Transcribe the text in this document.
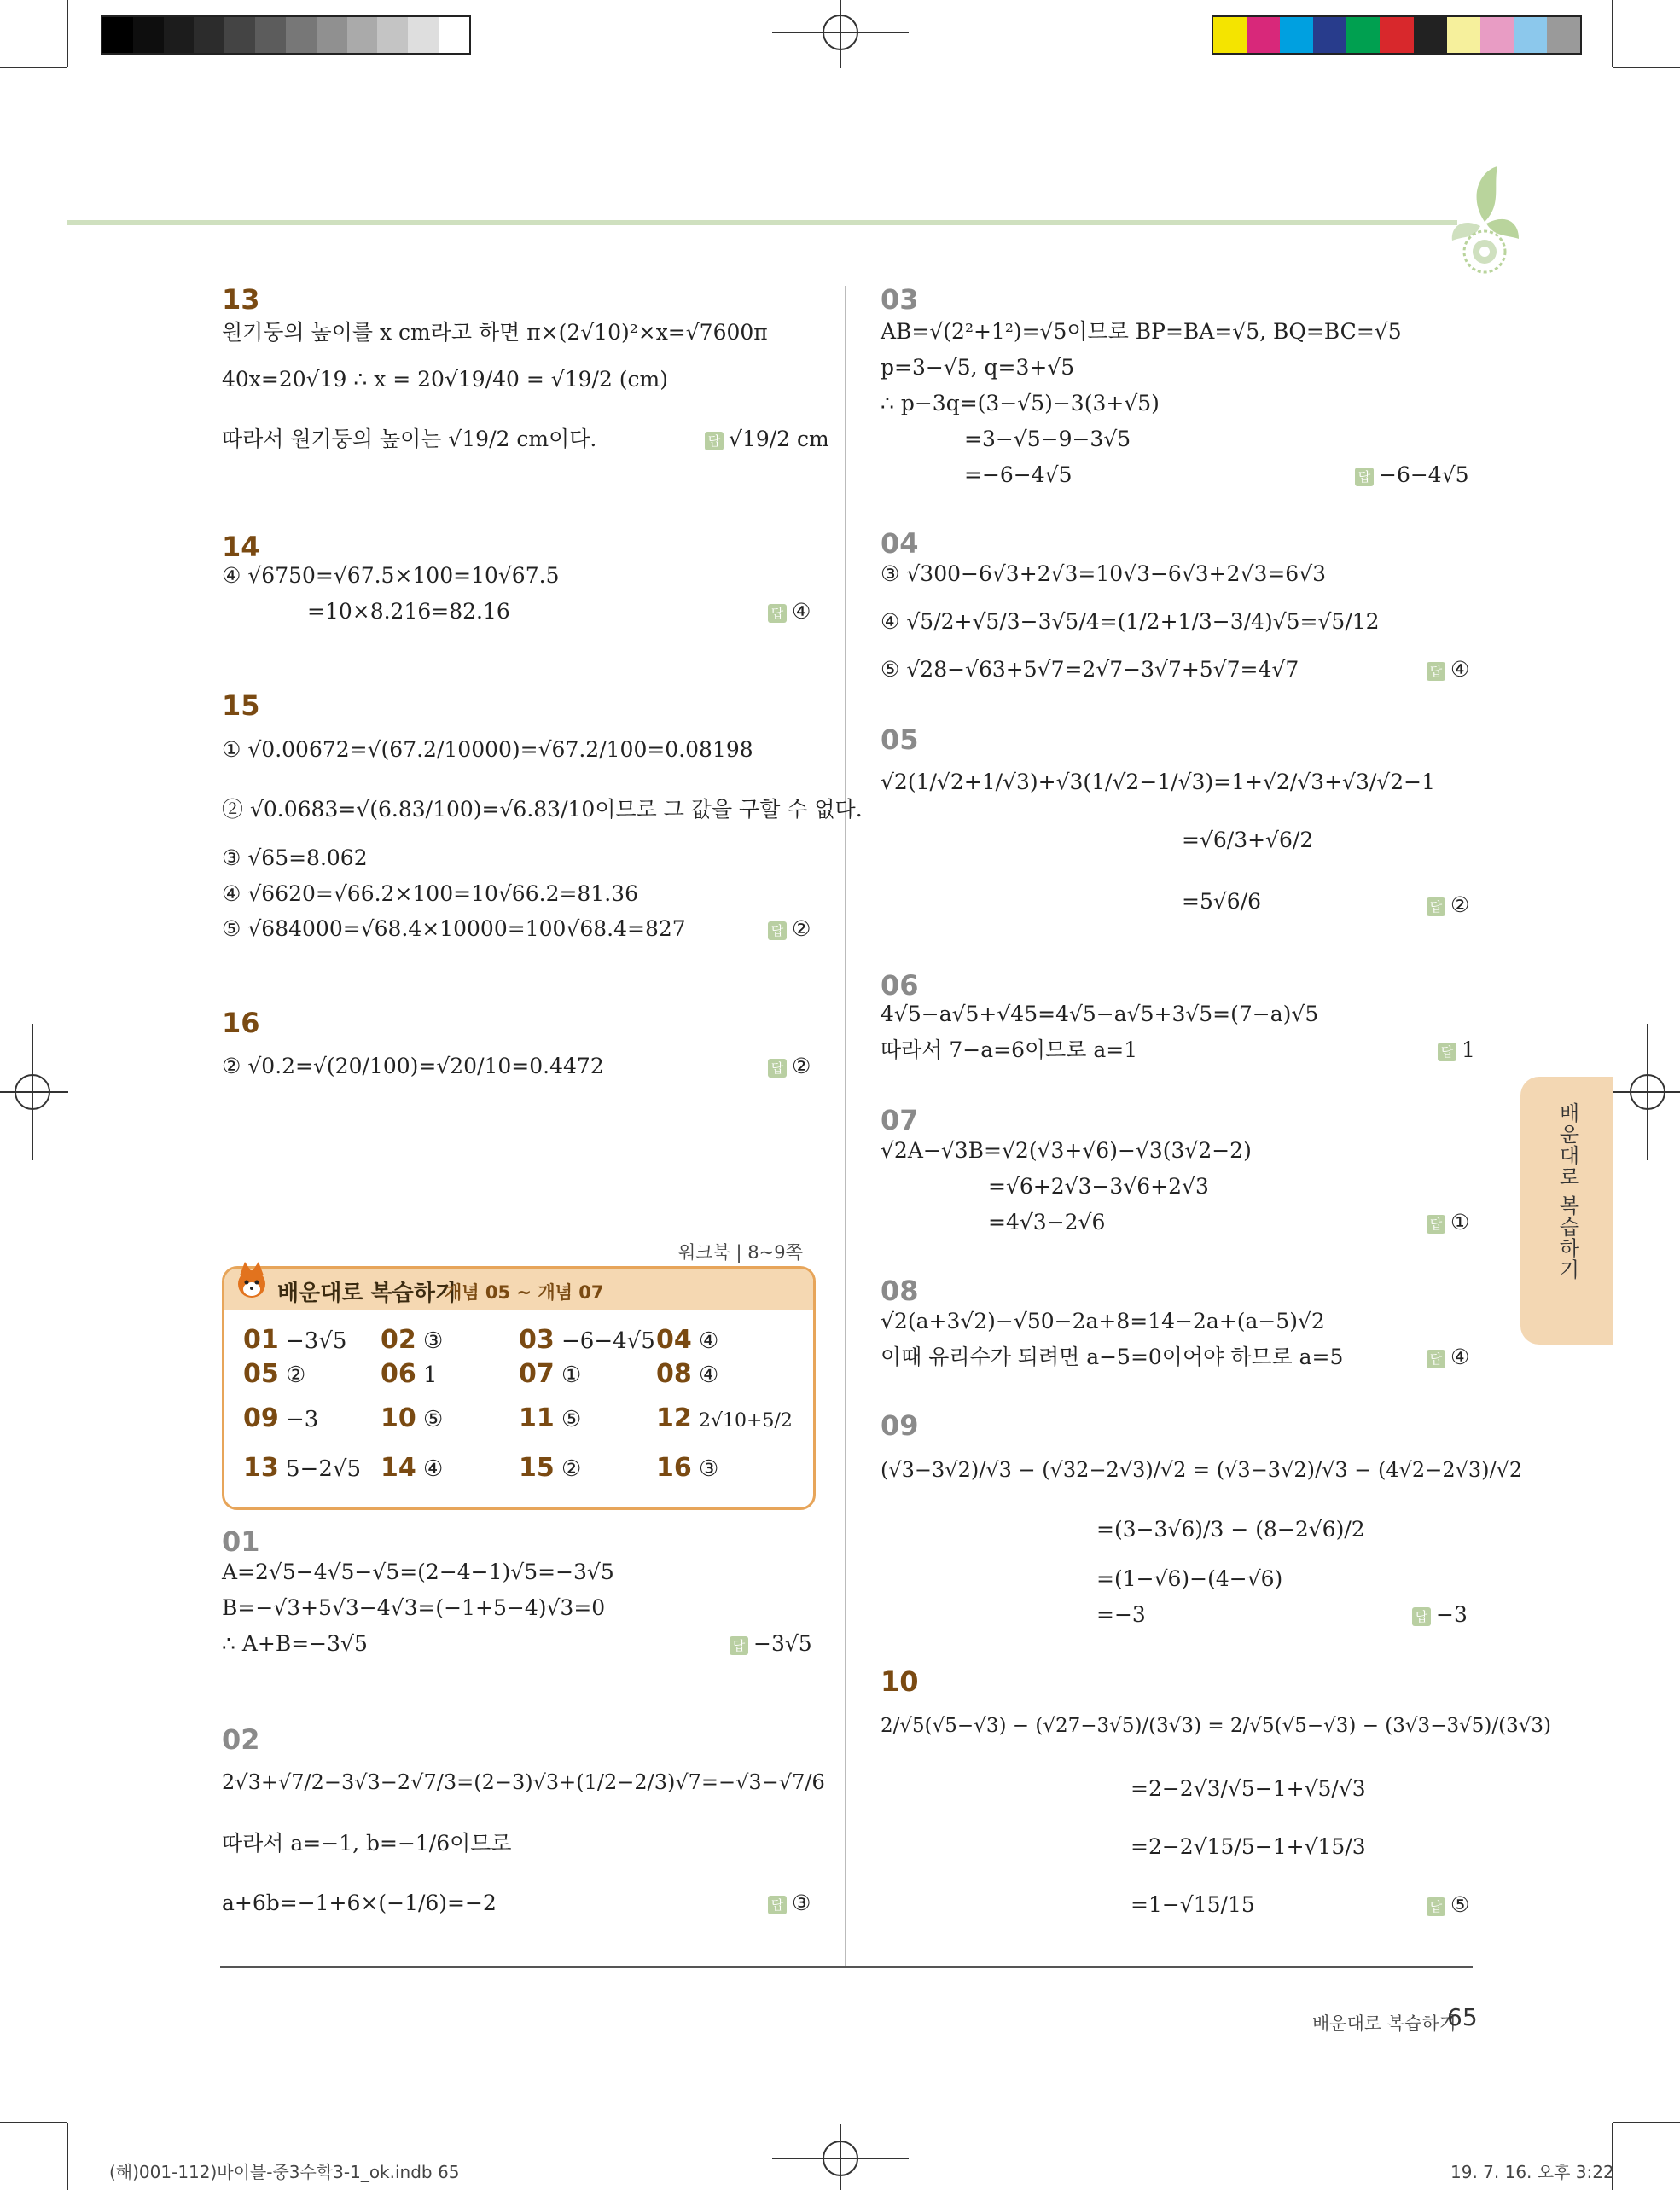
배운대로 복습하기
13
원기둥의 높이를 x cm라고 하면 π×(2√10)²×x=√7600π
40x=20√19 ∴ x = 20√19/40 = √19/2 (cm)
따라서 원기둥의 높이는 √19/2 cm이다.	답 √19/2 cm
14
④ √6750=√67.5×100=10√67.5
=10×8.216=82.16	답 ④
15
① √0.00672=√(67.2/10000)=√67.2/100=0.08198
② √0.0683=√(6.83/100)=√6.83/10이므로 그 값을 구할 수 없다.
③ √65=8.062
④ √6620=√66.2×100=10√66.2=81.36
⑤ √684000=√68.4×10000=100√68.4=827	답 ②
16
② √0.2=√(20/100)=√20/10=0.4472	답 ②
워크북 | 8~9쪽
배운대로 복습하기
개념 05 ~ 개념 07
01 −3√5 02 ③	03 −6−4√5 04 ④
05 ②	06 1	07 ①	08 ④
09 −3 10 ⑤	11 ⑤	12 2√10+5/2
13 5−2√5 14 ④	15 ②	16 ③
01
A=2√5−4√5−√5=(2−4−1)√5=−3√5
B=−√3+5√3−4√3=(−1+5−4)√3=0
∴ A+B=−3√5	답 −3√5
02
2√3+√7/2−3√3−2√7/3=(2−3)√3+(1/2−2/3)√7=−√3−√7/6
따라서 a=−1, b=−1/6이므로
a+6b=−1+6×(−1/6)=−2	답 ③
03
AB=√(2²+1²)=√5이므로 BP=BA=√5, BQ=BC=√5
p=3−√5, q=3+√5
∴ p−3q=(3−√5)−3(3+√5)
=3−√5−9−3√5
=−6−4√5	답 −6−4√5
04
③ √300−6√3+2√3=10√3−6√3+2√3=6√3
④ √5/2+√5/3−3√5/4=(1/2+1/3−3/4)√5=√5/12
⑤ √28−√63+5√7=2√7−3√7+5√7=4√7	답 ④
05
√2(1/√2+1/√3)+√3(1/√2−1/√3)=1+√2/√3+√3/√2−1
=√6/3+√6/2
=5√6/6	답 ②
06
4√5−a√5+√45=4√5−a√5+3√5=(7−a)√5
따라서 7−a=6이므로 a=1	답 1
07
√2A−√3B=√2(√3+√6)−√3(3√2−2)
=√6+2√3−3√6+2√3
=4√3−2√6	답 ①
08
√2(a+3√2)−√50−2a+8=14−2a+(a−5)√2
이때 유리수가 되려면 a−5=0이어야 하므로 a=5	답 ④
09
(√3−3√2)/√3 − (√32−2√3)/√2 = (√3−3√2)/√3 − (4√2−2√3)/√2
=(3−3√6)/3 − (8−2√6)/2
=(1−√6)−(4−√6)
=−3	답 −3
10
2/√5(√5−√3) − (√27−3√5)/(3√3) = 2/√5(√5−√3) − (3√3−3√5)/(3√3)
=2−2√3/√5−1+√5/√3
=2−2√15/5−1+√15/3
=1−√15/15	답 ⑤
배운대로 복습하기
65
(해)001-112)바이블-중3수학3-1_ok.indb 65	19. 7. 16. 오후 3:22
